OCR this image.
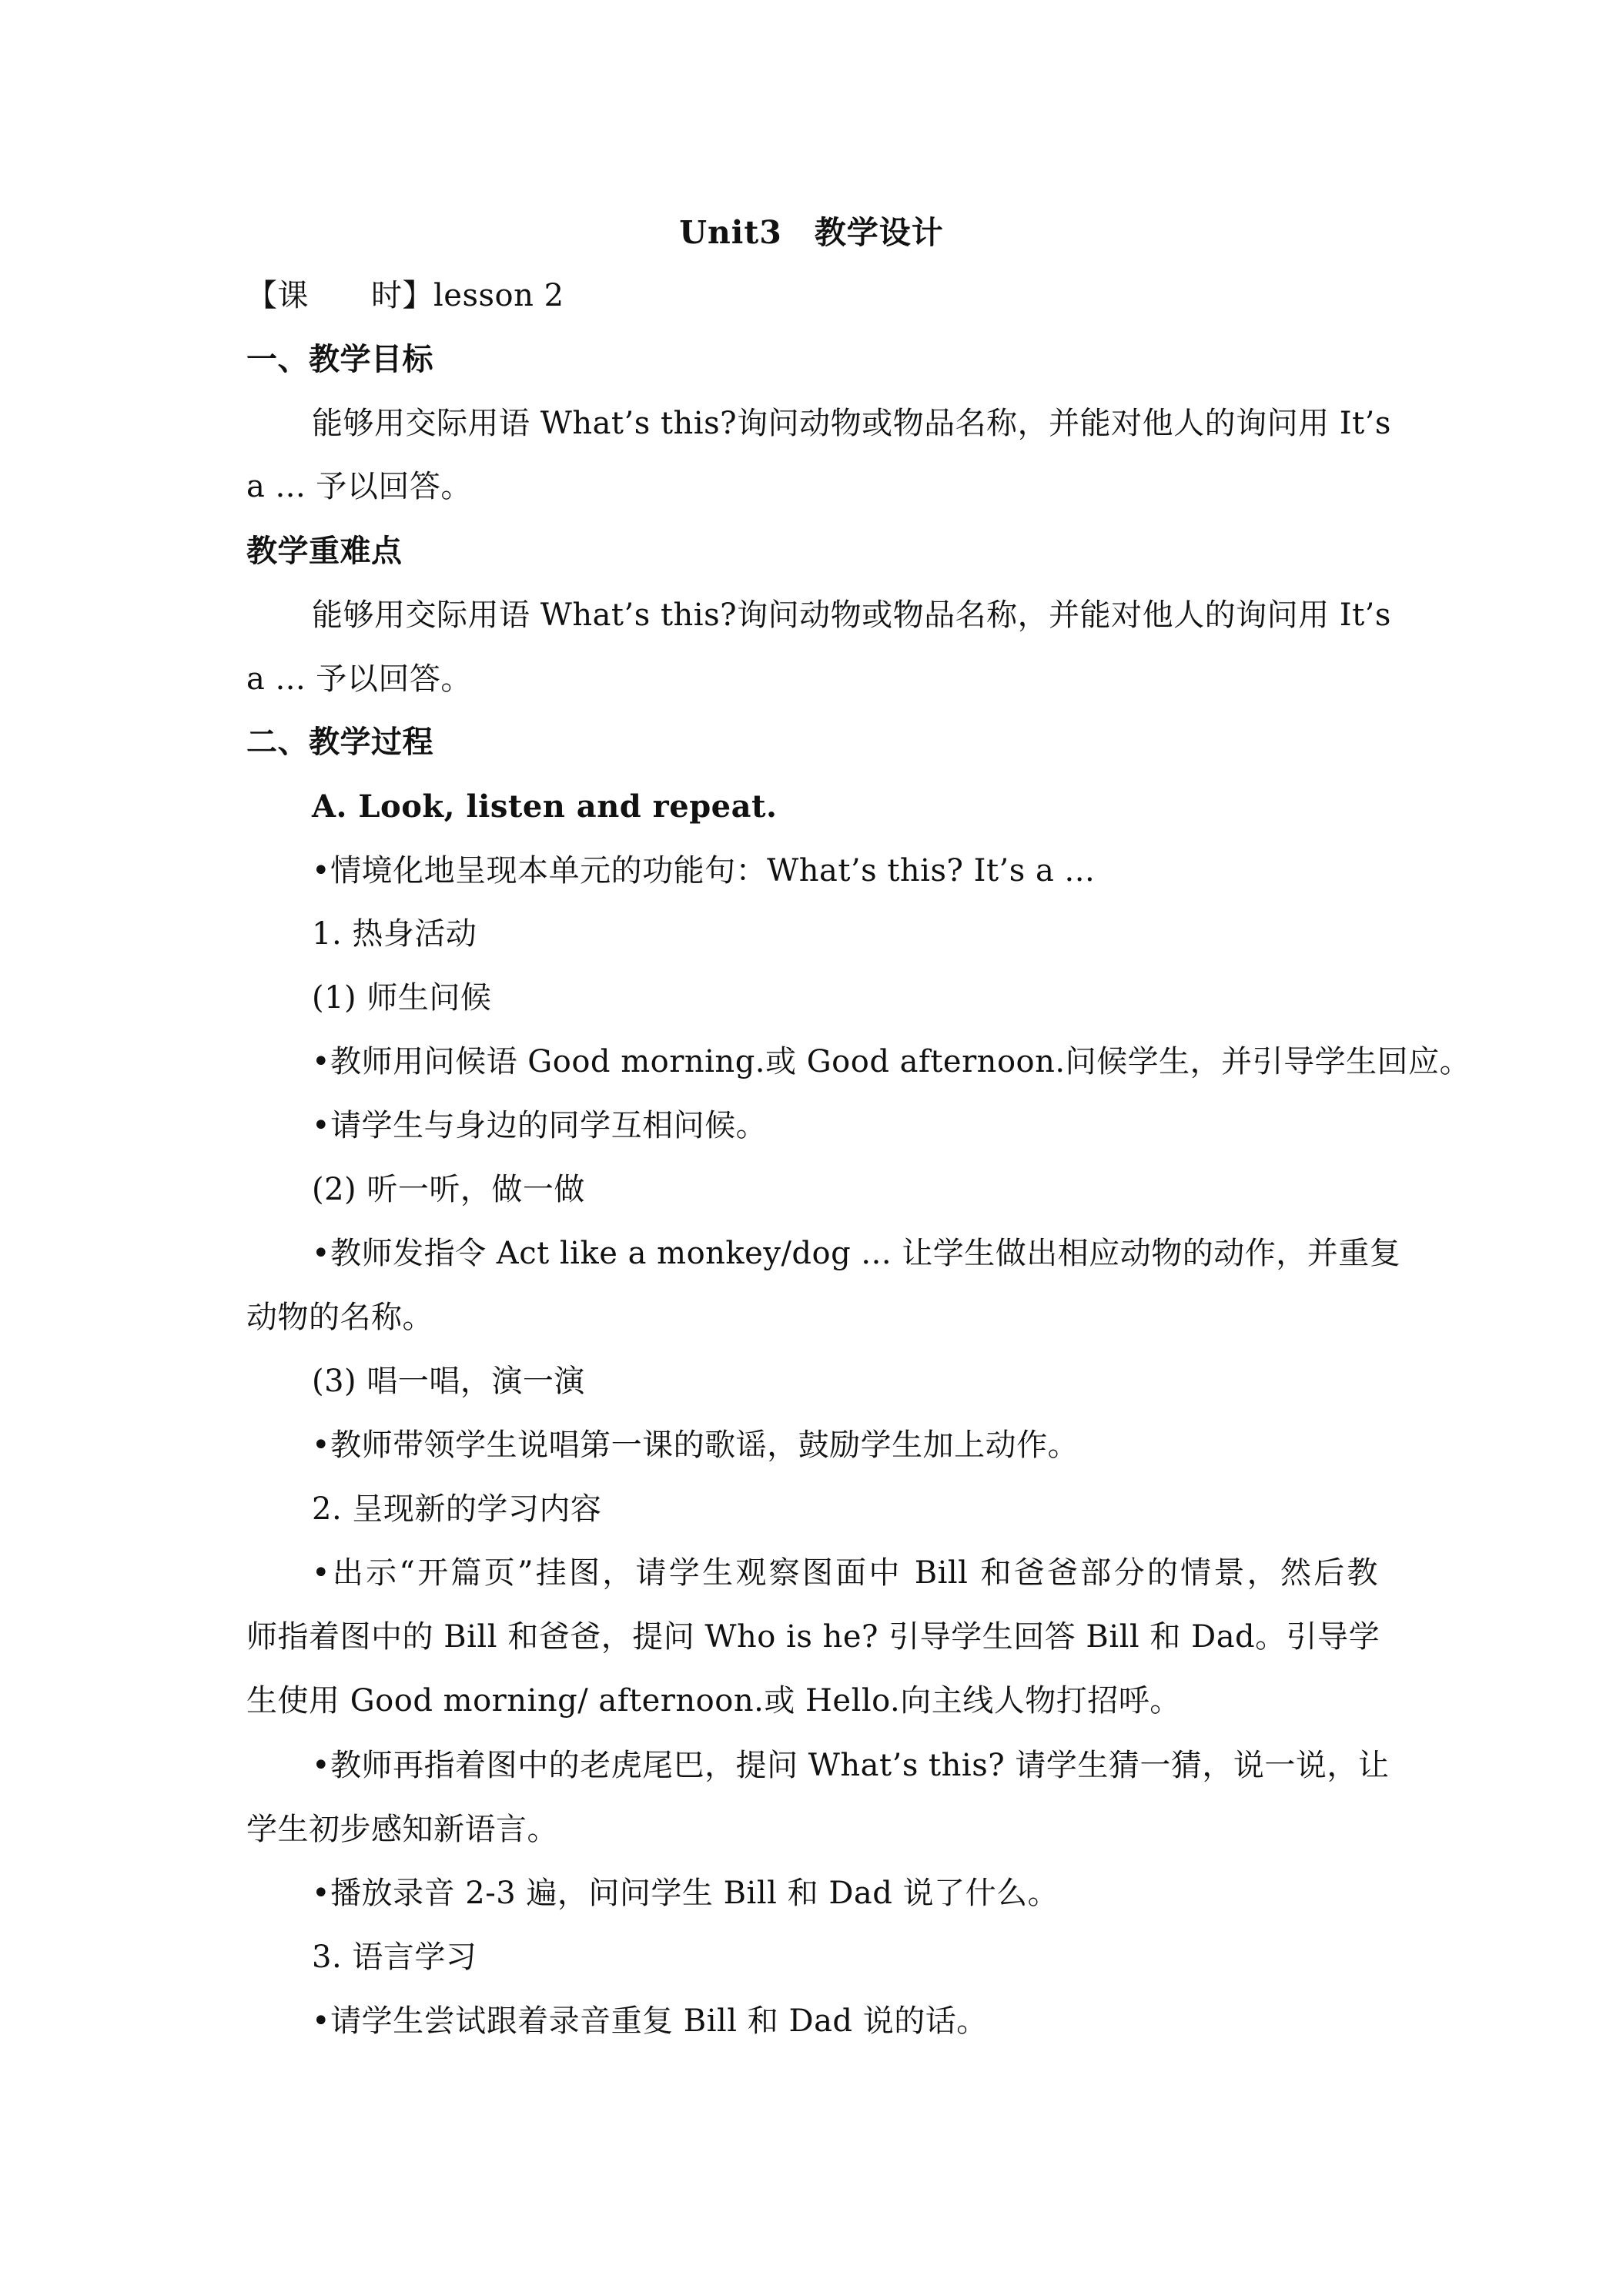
Unit3　教学设计
【课　　时】lesson 2
一、教学目标
能够用交际用语 What’s this?询问动物或物品名称，并能对他人的询问用 It’s
a ... 予以回答。
教学重难点
能够用交际用语 What’s this?询问动物或物品名称，并能对他人的询问用 It’s
a ... 予以回答。
二、教学过程
A. Look, listen and repeat.
•情境化地呈现本单元的功能句：What’s this? It’s a ...
1. 热身活动
(1) 师生问候
•教师用问候语 Good morning.或 Good afternoon.问候学生，并引导学生回应。
•请学生与身边的同学互相问候。
(2) 听一听，做一做
•教师发指令 Act like a monkey/dog ... 让学生做出相应动物的动作，并重复
动物的名称。
(3) 唱一唱，演一演
•教师带领学生说唱第一课的歌谣，鼓励学生加上动作。
2. 呈现新的学习内容
•出示“开篇页”挂图，请学生观察图面中 Bill 和爸爸部分的情景，然后教
师指着图中的 Bill 和爸爸，提问 Who is he? 引导学生回答 Bill 和 Dad。引导学
生使用 Good morning/ afternoon.或 Hello.向主线人物打招呼。
•教师再指着图中的老虎尾巴，提问 What’s this? 请学生猜一猜，说一说，让
学生初步感知新语言。
•播放录音 2-3 遍，问问学生 Bill 和 Dad 说了什么。
3. 语言学习
•请学生尝试跟着录音重复 Bill 和 Dad 说的话。
